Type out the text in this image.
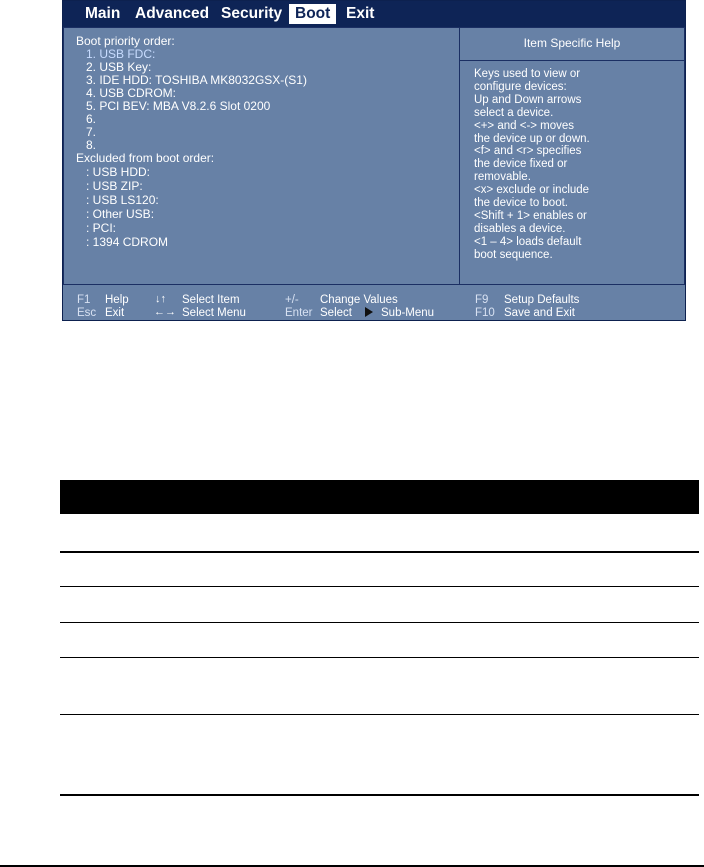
Main Advanced Security Boot	Exit
Boot priority order:
1. USB FDC:
2. USB Key:
3. IDE HDD: TOSHIBA MK8032GSX-(S1)
4. USB CDROM:
5. PCI BEV: MBA V8.2.6 Slot 0200
6.
7.
8.
Excluded from boot order:
: USB HDD:
: USB ZIP:
: USB LS120:
: Other USB:
: PCI:
: 1394 CDROM
Item Specific Help
Keys used to view or
configure devices:
Up and Down arrows
select a device.
<+> and <-> moves
the device up or down.
<f> and <r> specifies
the device fixed or
removable.
<x> exclude or include
the device to boot.
<Shift + 1> enables or
disables a device.
<1 – 4> loads default
boot sequence.
F1 Help ↓↑ Select Item	+/- Change Values	F9 Setup Defaults
Esc Exit	←→ Select Menu	Enter Select	Sub-Menu	F10 Save and Exit
